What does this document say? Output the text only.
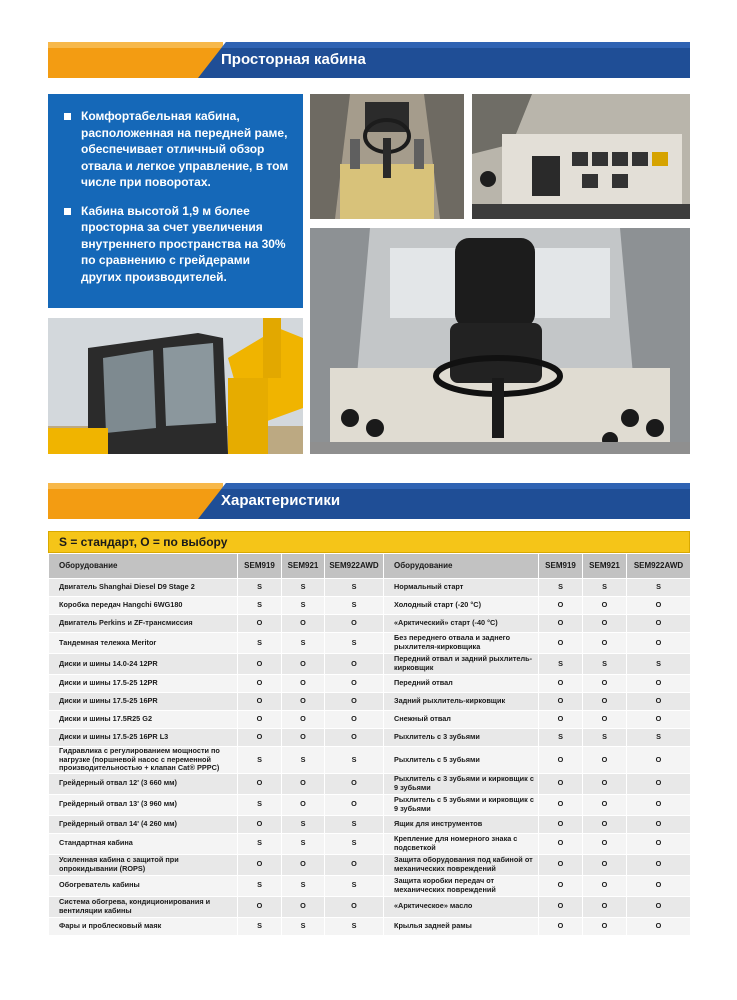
Просторная кабина
Комфортабельная кабина, расположенная на передней раме, обеспечивает отличный обзор отвала и легкое управление, в том числе при поворотах.
Кабина высотой 1,9 м более просторна за счет увеличения внутреннего пространства на 30% по сравнению с грейдерами других производителей.
Характеристики
S = стандарт, O = по выбору
Оборудование	SEM919	SEM921	SEM922AWD	Оборудование	SEM919	SEM921	SEM922AWD
Двигатель Shanghai Diesel D9 Stage 2	S	S	S	Нормальный старт	S	S	S
Коробка передач Hangchi 6WG180	S	S	S	Холодный старт (-20 °C)	O	O	O
Двигатель Perkins и ZF-трансмиссия	O	O	O	«Арктический» старт (-40 °C)	O	O	O
Тандемная тележка Meritor	S	S	S	Без переднего отвала и заднего рыхлителя-кирковщика	O	O	O
Диски и шины 14.0-24 12PR	O	O	O	Передний отвал и задний рыхлитель-кирковщик	S	S	S
Диски и шины 17.5-25 12PR	O	O	O	Передний отвал	O	O	O
Диски и шины 17.5-25 16PR	O	O	O	Задний рыхлитель-кирковщик	O	O	O
Диски и шины 17.5R25 G2	O	O	O	Снежный отвал	O	O	O
Диски и шины 17.5-25 16PR L3	O	O	O	Рыхлитель с 3 зубьями	S	S	S
Гидравлика с регулированием мощности по нагрузке (поршневой насос с переменной производительностью + клапан Cat® PPPC)	S	S	S	Рыхлитель с 5 зубьями	O	O	O
Грейдерный отвал 12' (3 660 мм)	O	O	O	Рыхлитель с 3 зубьями и кирковщик с 9 зубьями	O	O	O
Грейдерный отвал 13' (3 960 мм)	S	O	O	Рыхлитель с 5 зубьями и кирковщик с 9 зубьями	O	O	O
Грейдерный отвал 14' (4 260 мм)	O	S	S	Ящик для инструментов	O	O	O
Стандартная кабина	S	S	S	Крепление для номерного знака с подсветкой	O	O	O
Усиленная кабина с защитой при опрокидывании (ROPS)	O	O	O	Защита оборудования под кабиной от механических повреждений	O	O	O
Обогреватель кабины	S	S	S	Защита коробки передач от механических повреждений	O	O	O
Система обогрева, кондиционирования и вентиляции кабины	O	O	O	«Арктическое» масло	O	O	O
Фары и проблесковый маяк	S	S	S	Крылья задней рамы	O	O	O
